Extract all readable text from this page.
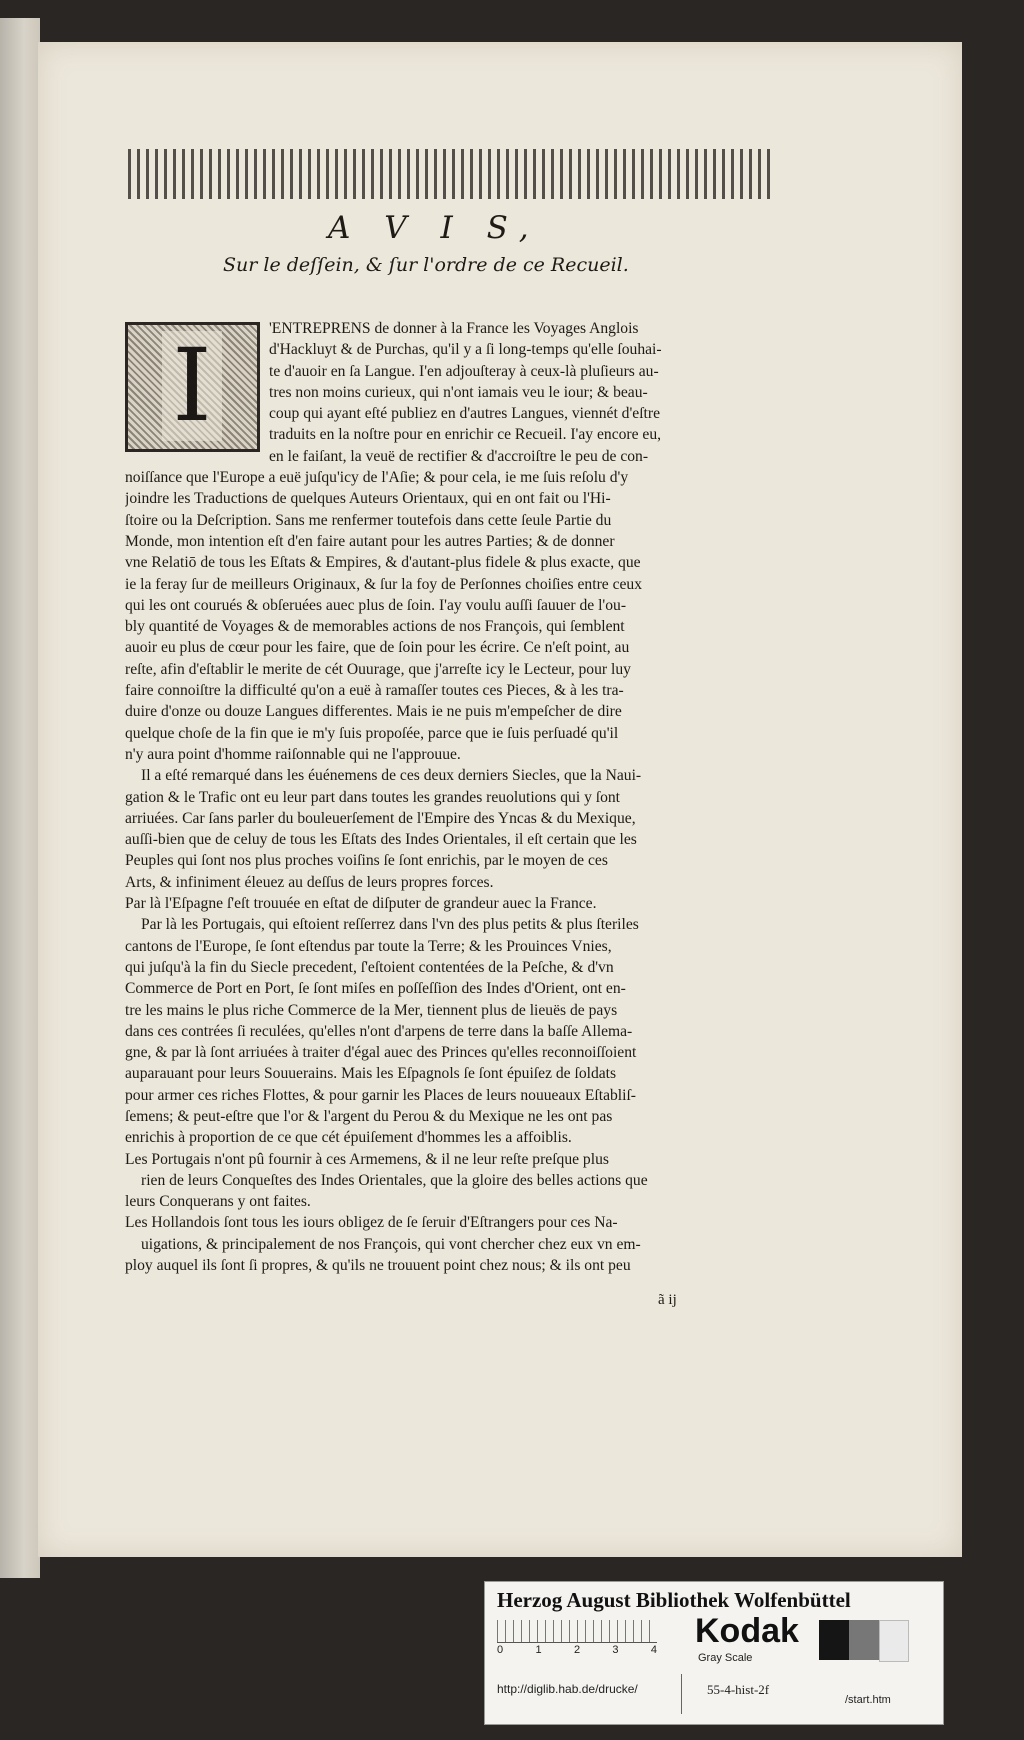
A V I S,
Sur le deſſein, & ſur l'ordre de ce Recueil.
I	'ENTREPRENS de donner à la France les Voyages Anglois
d'Hackluyt & de Purchas, qu'il y a ſi long-temps qu'elle ſouhai-
te d'auoir en ſa Langue. I'en adjouſteray à ceux-là pluſieurs au-
tres non moins curieux, qui n'ont iamais veu le iour; & beau-
coup qui ayant eſté publiez en d'autres Langues, viennét d'eſtre
traduits en la noſtre pour en enrichir ce Recueil. I'ay encore eu,
en le faiſant, la veuë de rectifier & d'accroiſtre le peu de con-
noiſſance que l'Europe a euë juſqu'icy de l'Aſie; & pour cela, ie me ſuis reſolu d'y
joindre les Traductions de quelques Auteurs Orientaux, qui en ont fait ou l'Hi-
ſtoire ou la Deſcription. Sans me renfermer toutefois dans cette ſeule Partie du
Monde, mon intention eſt d'en faire autant pour les autres Parties; & de donner
vne Relatiō de tous les Eſtats & Empires, & d'autant-plus fidele & plus exacte, que
ie la feray ſur de meilleurs Originaux, & ſur la foy de Perſonnes choiſies entre ceux
qui les ont courués & obſeruées auec plus de ſoin. I'ay voulu auſſi ſauuer de l'ou-
bly quantité de Voyages & de memorables actions de nos François, qui ſemblent
auoir eu plus de cœur pour les faire, que de ſoin pour les écrire. Ce n'eſt point, au
reſte, afin d'eſtablir le merite de cét Ouurage, que j'arreſte icy le Lecteur, pour luy
faire connoiſtre la difficulté qu'on a euë à ramaſſer toutes ces Pieces, & à les tra-
duire d'onze ou douze Langues differentes. Mais ie ne puis m'empeſcher de dire
quelque choſe de la fin que ie m'y ſuis propoſée, parce que ie ſuis perſuadé qu'il
n'y aura point d'homme raiſonnable qui ne l'approuue.
Il a eſté remarqué dans les éuénemens de ces deux derniers Siecles, que la Naui-
gation & le Trafic ont eu leur part dans toutes les grandes reuolutions qui y ſont
arriuées. Car ſans parler du bouleuerſement de l'Empire des Yncas & du Mexique,
auſſi-bien que de celuy de tous les Eſtats des Indes Orientales, il eſt certain que les
Peuples qui ſont nos plus proches voiſins ſe ſont enrichis, par le moyen de ces
Arts, & infiniment éleuez au deſſus de leurs propres forces.
Par là l'Eſpagne ſ'eſt trouuée en eſtat de diſputer de grandeur auec la France.
Par là les Portugais, qui eſtoient reſſerrez dans l'vn des plus petits & plus ſteriles
cantons de l'Europe, ſe ſont eſtendus par toute la Terre; & les Prouinces Vnies,
qui juſqu'à la fin du Siecle precedent, ſ'eſtoient contentées de la Peſche, & d'vn
Commerce de Port en Port, ſe ſont miſes en poſſeſſion des Indes d'Orient, ont en-
tre les mains le plus riche Commerce de la Mer, tiennent plus de lieuës de pays
dans ces contrées ſi reculées, qu'elles n'ont d'arpens de terre dans la baſſe Allema-
gne, & par là ſont arriuées à traiter d'égal auec des Princes qu'elles reconnoiſſoient
auparauant pour leurs Souuerains. Mais les Eſpagnols ſe ſont épuiſez de ſoldats
pour armer ces riches Flottes, & pour garnir les Places de leurs nouueaux Eſtabliſ-
ſemens; & peut-eſtre que l'or & l'argent du Perou & du Mexique ne les ont pas
enrichis à proportion de ce que cét épuiſement d'hommes les a affoiblis.
Les Portugais n'ont pû fournir à ces Armemens, & il ne leur reſte preſque plus
rien de leurs Conqueſtes des Indes Orientales, que la gloire des belles actions que
leurs Conquerans y ont faites.
Les Hollandois ſont tous les iours obligez de ſe ſeruir d'Eſtrangers pour ces Na-
uigations, & principalement de nos François, qui vont chercher chez eux vn em-
ploy auquel ils ſont ſi propres, & qu'ils ne trouuent point chez nous; & ils ont peu
ã ij
Herzog August Bibliothek Wolfenbüttel
0	1	2	3	4 Kodak
Gray Scale
http://diglib.hab.de/drucke/	55-4-hist-2f
/start.htm
